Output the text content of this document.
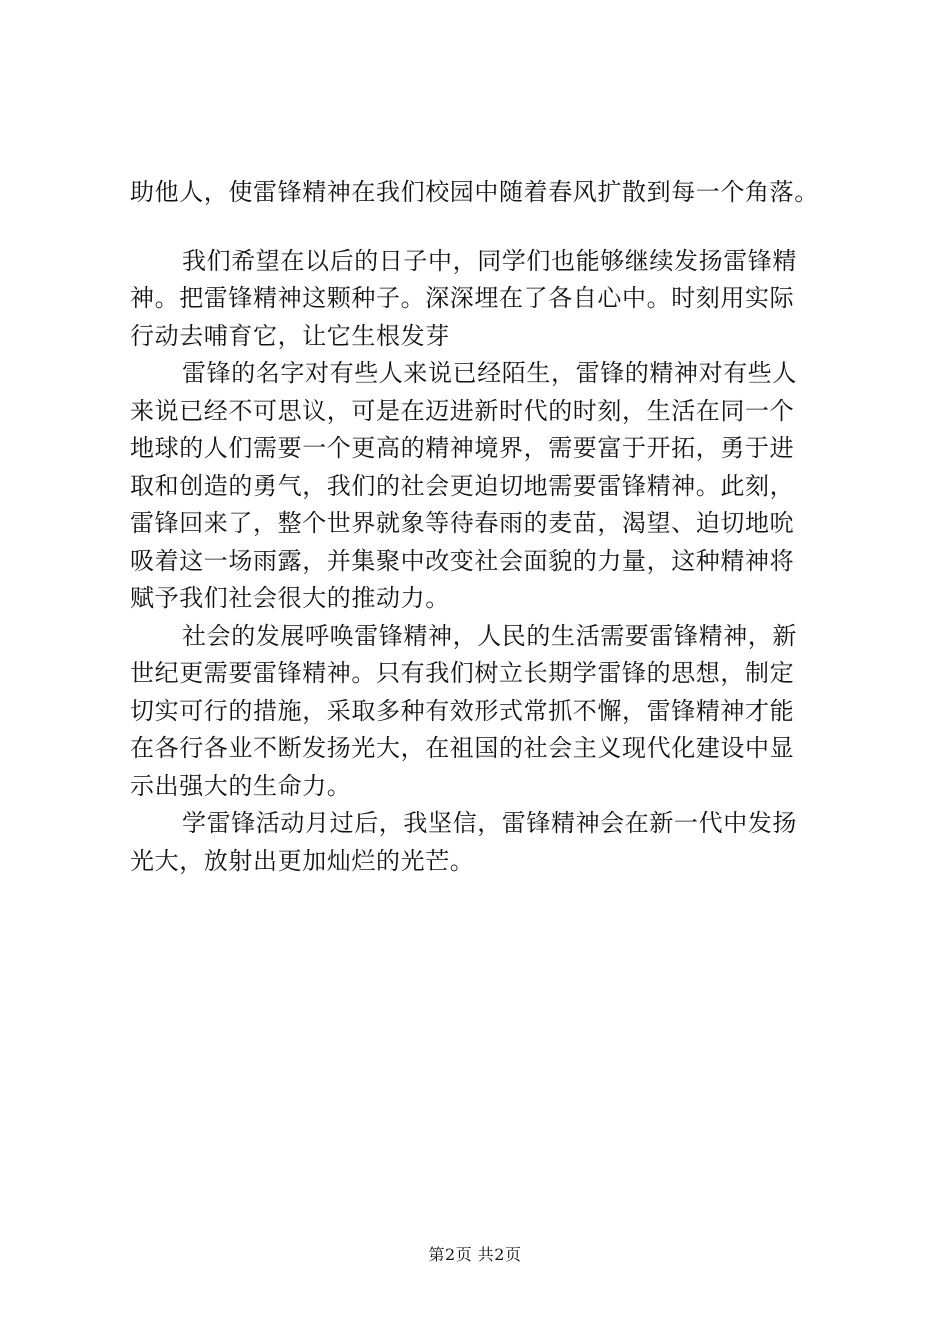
助他人，使雷锋精神在我们校园中随着春风扩散到每一个角落。
我们希望在以后的日子中，同学们也能够继续发扬雷锋精
神。把雷锋精神这颗种子。深深埋在了各自心中。时刻用实际
行动去哺育它，让它生根发芽
雷锋的名字对有些人来说已经陌生，雷锋的精神对有些人
来说已经不可思议，可是在迈进新时代的时刻，生活在同一个
地球的人们需要一个更高的精神境界，需要富于开拓，勇于进
取和创造的勇气，我们的社会更迫切地需要雷锋精神。此刻，
雷锋回来了，整个世界就象等待春雨的麦苗，渴望、迫切地吮
吸着这一场雨露，并集聚中改变社会面貌的力量，这种精神将
赋予我们社会很大的推动力。
社会的发展呼唤雷锋精神，人民的生活需要雷锋精神，新
世纪更需要雷锋精神。只有我们树立长期学雷锋的思想，制定
切实可行的措施，采取多种有效形式常抓不懈，雷锋精神才能
在各行各业不断发扬光大，在祖国的社会主义现代化建设中显
示出强大的生命力。
学雷锋活动月过后，我坚信，雷锋精神会在新一代中发扬
光大，放射出更加灿烂的光芒。
第2页 共2页
